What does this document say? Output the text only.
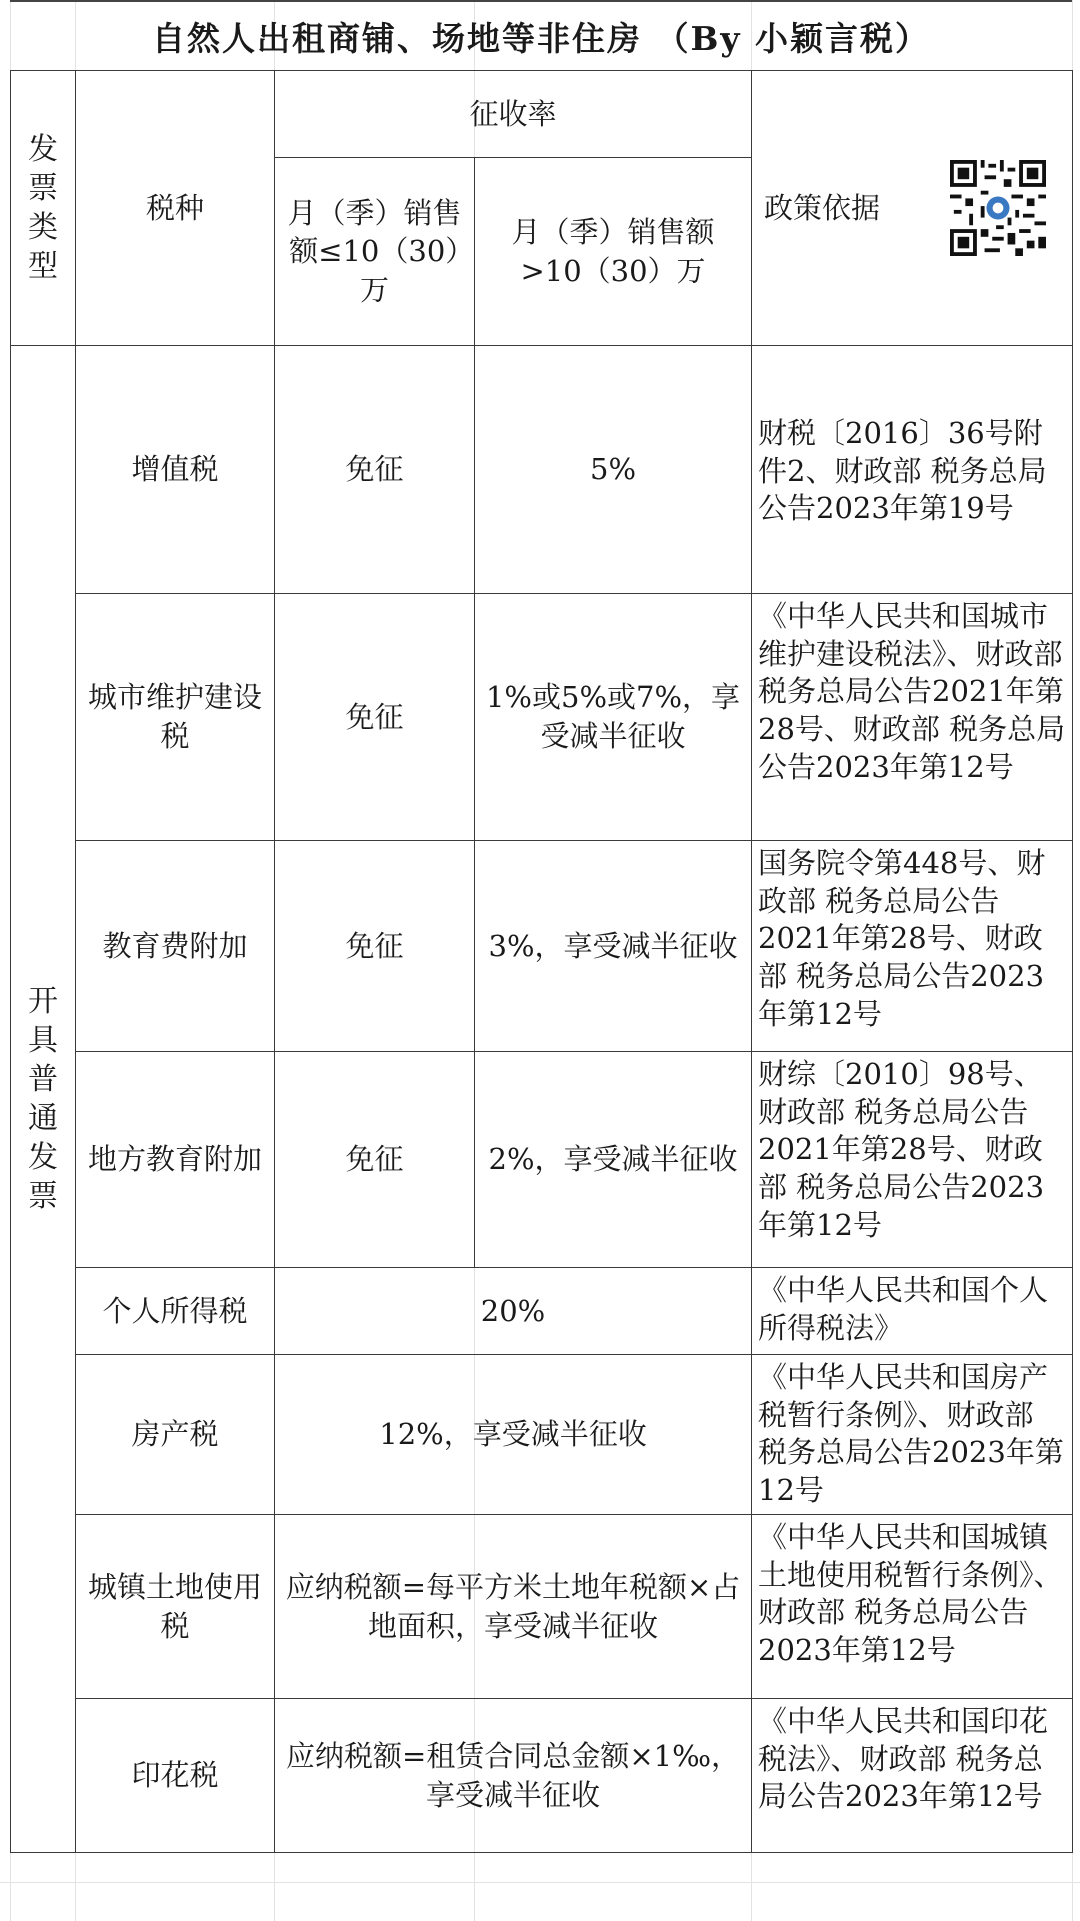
自然人出租商铺、场地等非住房 （By 小颖言税）
发票类型	税种	征收率		政策依据

		月（季）销售额≤10（30）万	月（季）销售额>10（30）万	
开具普通发票	增值税	免征	5%	财税〔2016〕36号附件2、财政部 税务总局公告2023年第19号
	城市维护建设税	免征	1%或5%或7%，享受减半征收	《中华人民共和国城市维护建设税法》、财政部 税务总局公告2021年第28号、财政部 税务总局公告2023年第12号
	教育费附加	免征	3%，享受减半征收	国务院令第448号、财政部 税务总局公告2021年第28号、财政部 税务总局公告2023年第12号
	地方教育附加	免征	2%，享受减半征收	财综〔2010〕98号、财政部 税务总局公告2021年第28号、财政部 税务总局公告2023年第12号
	个人所得税	20%		《中华人民共和国个人所得税法》
	房产税	12%，享受减半征收		《中华人民共和国房产税暂行条例》、财政部 税务总局公告2023年第12号
	城镇土地使用税	应纳税额=每平方米土地年税额×占地面积，享受减半征收		《中华人民共和国城镇土地使用税暂行条例》、财政部 税务总局公告2023年第12号
	印花税	应纳税额=租赁合同总金额×1‰，享受减半征收		《中华人民共和国印花税法》、财政部 税务总局公告2023年第12号
